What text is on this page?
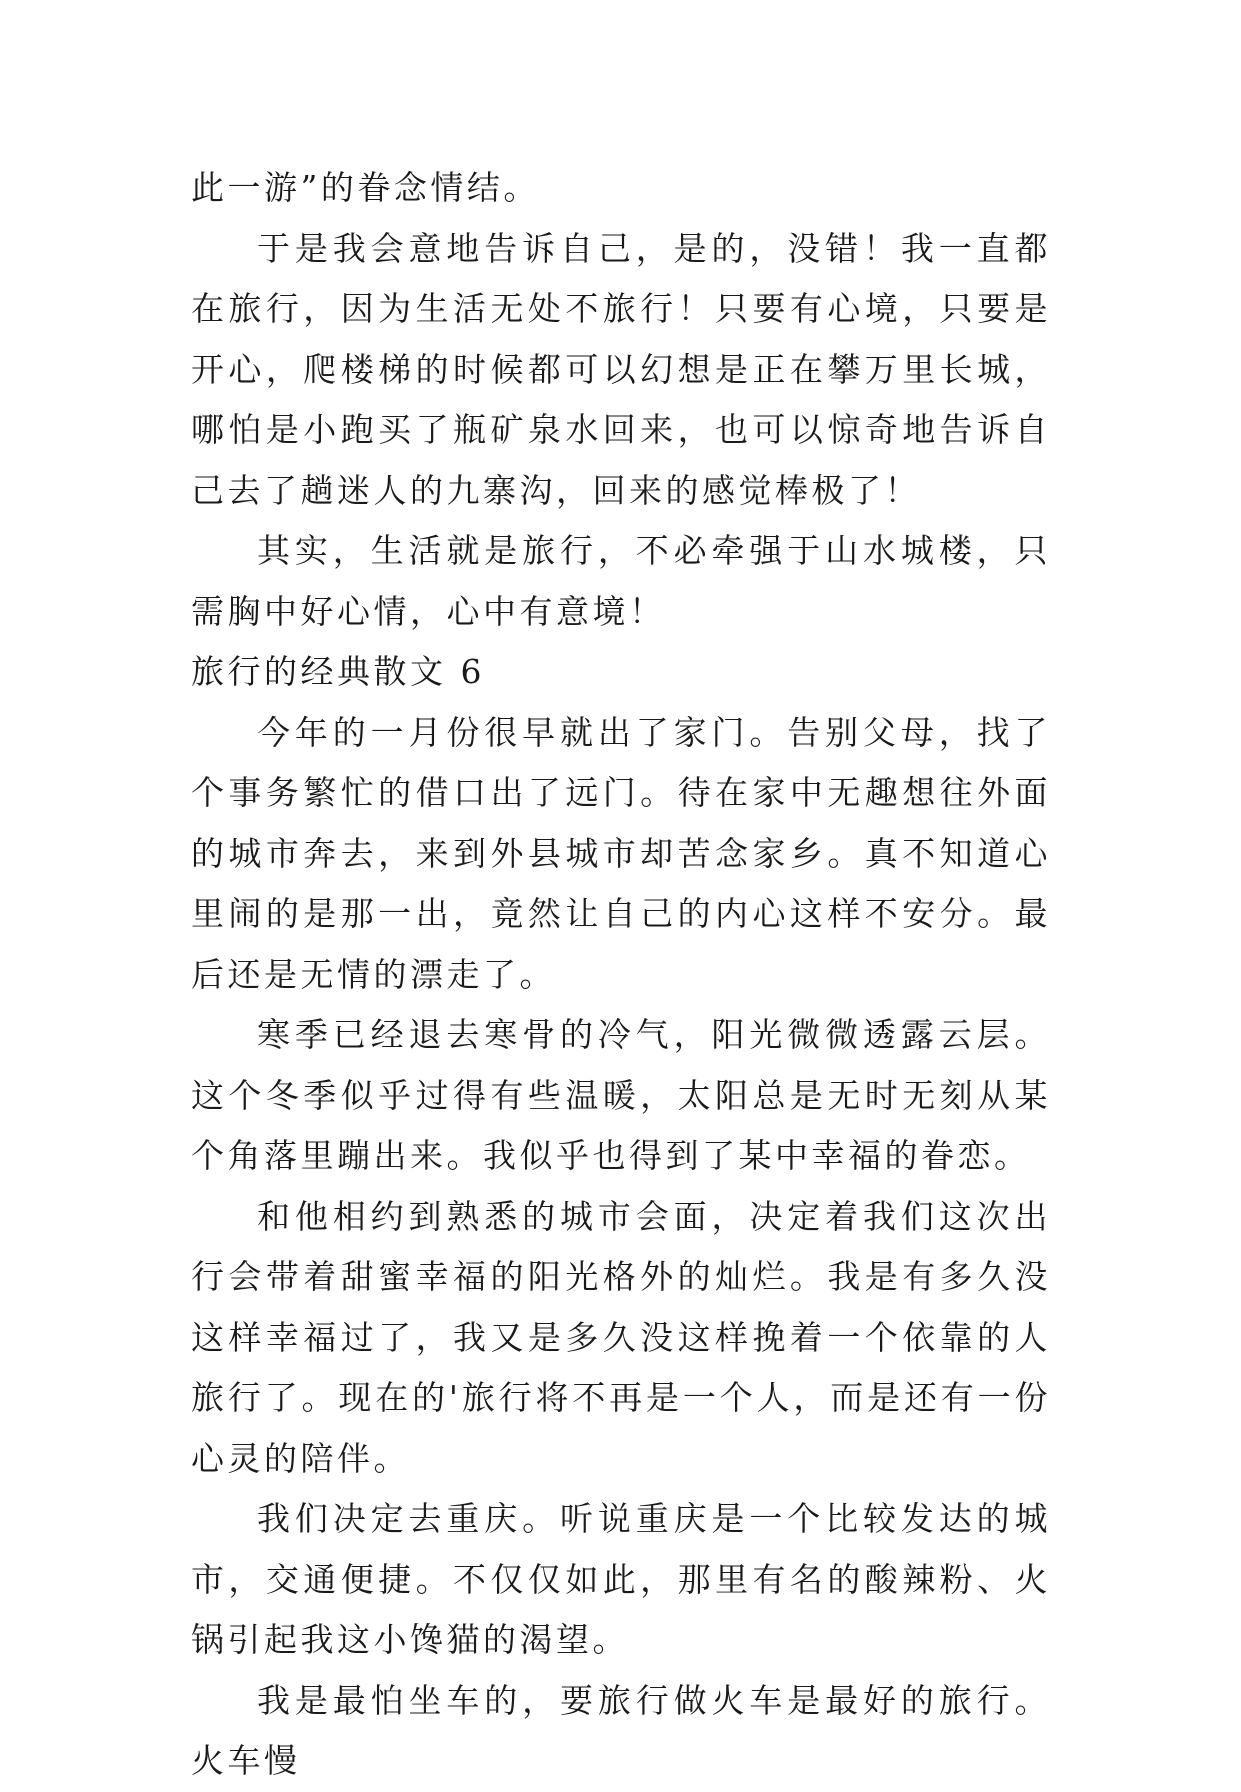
此一游”的眷念情结。

于是我会意地告诉自己，是的，没错！我一直都在旅行，因为生活无处不旅行！只要有心境，只要是开心，爬楼梯的时候都可以幻想是正在攀万里长城，哪怕是小跑买了瓶矿泉水回来，也可以惊奇地告诉自己去了趟迷人的九寨沟，回来的感觉棒极了！

其实，生活就是旅行，不必牵强于山水城楼，只需胸中好心情，心中有意境！

旅行的经典散文 6

今年的一月份很早就出了家门。告别父母，找了个事务繁忙的借口出了远门。待在家中无趣想往外面的城市奔去，来到外县城市却苦念家乡。真不知道心里闹的是那一出，竟然让自己的内心这样不安分。最后还是无情的漂走了。

寒季已经退去寒骨的冷气，阳光微微透露云层。这个冬季似乎过得有些温暖，太阳总是无时无刻从某个角落里蹦出来。我似乎也得到了某中幸福的眷恋。

和他相约到熟悉的城市会面，决定着我们这次出行会带着甜蜜幸福的阳光格外的灿烂。我是有多久没这样幸福过了，我又是多久没这样挽着一个依靠的人旅行了。现在的'旅行将不再是一个人，而是还有一份心灵的陪伴。

我们决定去重庆。听说重庆是一个比较发达的城市，交通便捷。不仅仅如此，那里有名的酸辣粉、火锅引起我这小馋猫的渴望。

我是最怕坐车的，要旅行做火车是最好的旅行。火车慢
